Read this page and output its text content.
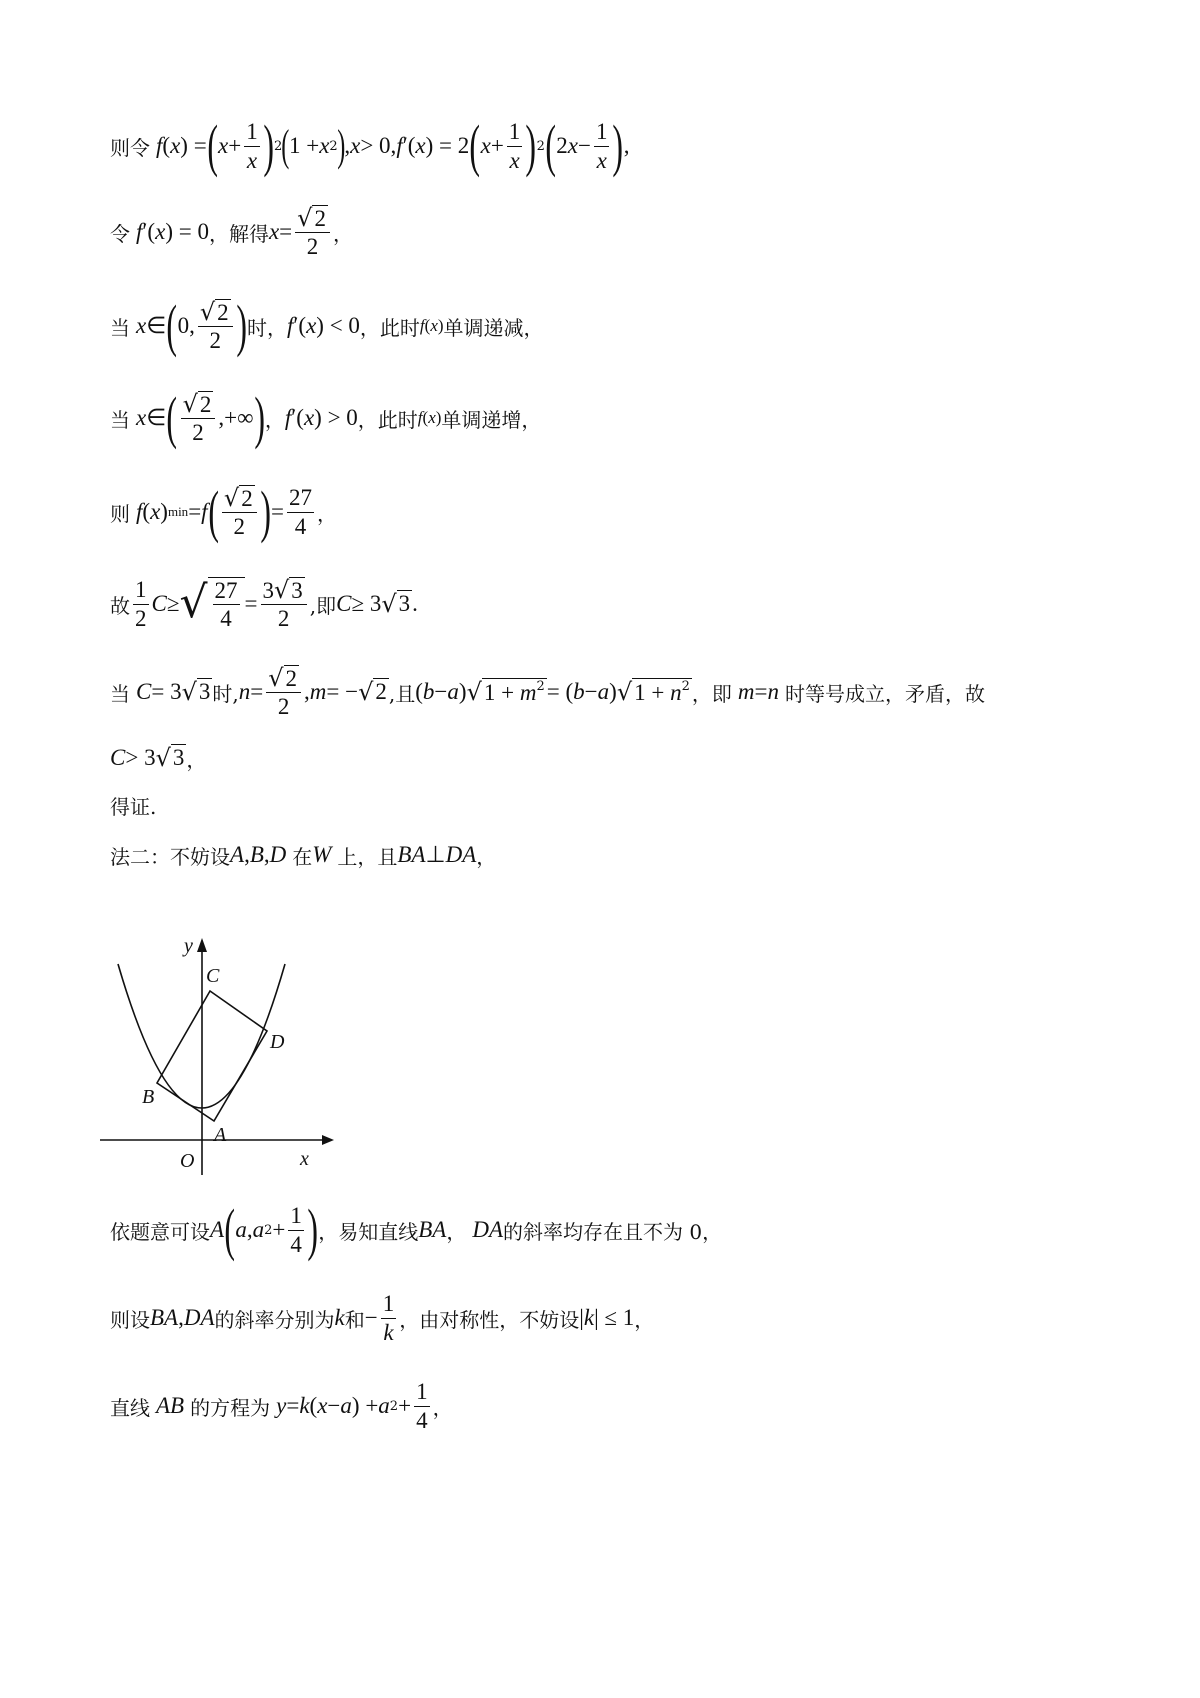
则令 f ( x ) = ( $x + \frac{1}{x}$ ) 2 ( 1 + x 2 ) , x > 0, f ′( x ) = 2 ( $x + \frac{1}{x}$ ) 2 ( 2 $x - \frac{1}{x}$ ) ,
令 f ′( x ) = 0 ，解得 $x = \frac{√ 2}{2}$ ，
当 x ∈ ( 0, $\frac{√ 2}{2}$ ) 时， f ′( x ) < 0 ，此时 f ( x ) 单调递减，
当 x ∈ ( $\frac{√ 2}{2}$ ,+∞ ) ， f ′( x ) > 0 ，此时 f ( x ) 单调递增，
则 f ( x ) min = f ( $\frac{√ 2}{2}$ ) = $\frac{27}{4}$ ，
故 $\frac{1}{2}$ C ≥ √ $\frac{27}{4} = \frac{3 √ 3}{2}$ ,即 C ≥ 3 √ 3 .
当 C = 3 √ 3 时, $n = \frac{√ 2}{2}$ , m = − √ 2 ,且 ( b − a ) √ $1 + m^2$ = ( b − a ) √ $1 + n^2$ ，即 m = n 时等号成立，矛盾，故
C > 3 √ 3 ，
得证.
法二：不妨设 A , B , D 在 W 上，且 BA ⊥ DA ，
y
x
O
A
B
C
D
依题意可设 A ( a , a $2 + \frac{1}{4}$ ) ，易知直线 BA ， DA 的斜率均存在且不为 0，
则设 BA , DA 的斜率分别为 k 和 − $\frac{1}{k}$ ，由对称性，不妨设 | k | ≤ 1 ，
直线 AB 的方程为 y = k ( x − a ) + a $2 + \frac{1}{4}$ ，
